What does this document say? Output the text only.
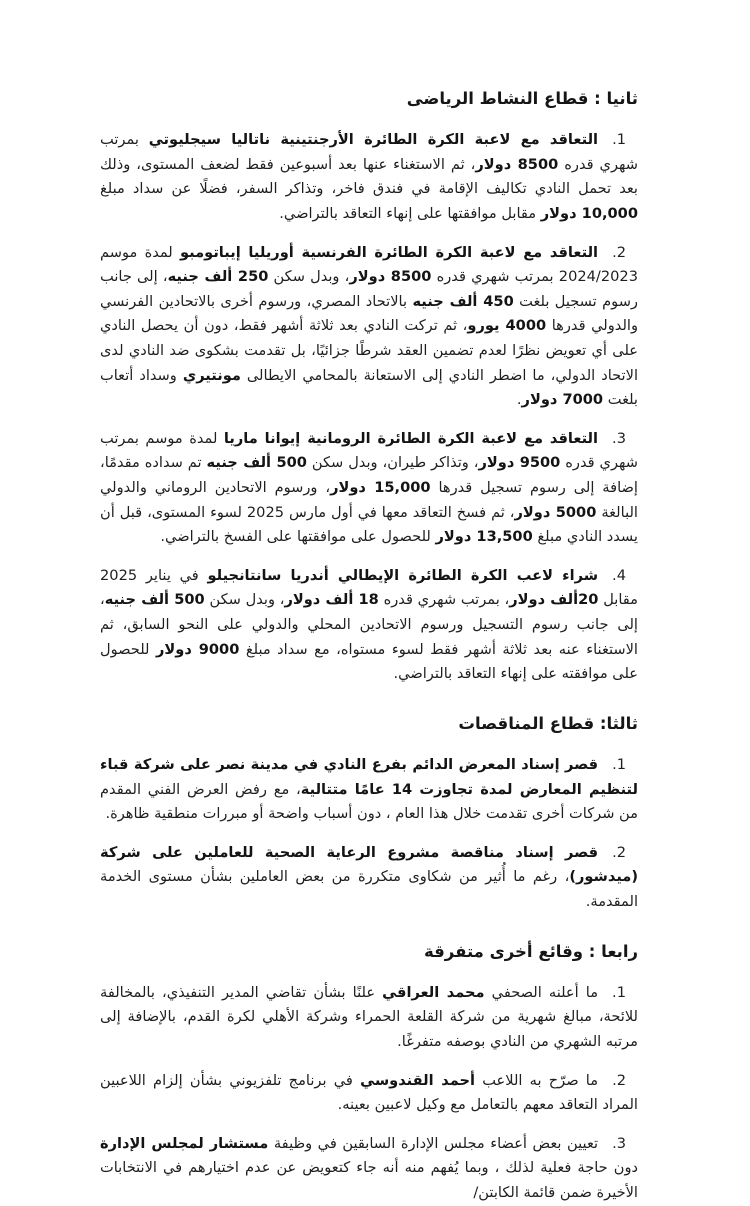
ثانيا : قطاع النشاط الرياضى
1.التعاقد مع لاعبة الكرة الطائرة الأرجنتينية ناتاليا سيجليوتي بمرتب شهري قدره 8500 دولار، ثم الاستغناء عنها بعد أسبوعين فقط لضعف المستوى، وذلك بعد تحمل النادي تكاليف الإقامة في فندق فاخر، وتذاكر السفر، فضلًا عن سداد مبلغ 10,000 دولار مقابل موافقتها على إنهاء التعاقد بالتراضي.
2.التعاقد مع لاعبة الكرة الطائرة الفرنسية أوريليا إيباتومبو لمدة موسم 2024/2023 بمرتب شهري قدره 8500 دولار، وبدل سكن 250 ألف جنيه، إلى جانب رسوم تسجيل بلغت 450 ألف جنيه بالاتحاد المصري، ورسوم أخرى بالاتحادين الفرنسي والدولي قدرها 4000 يورو، ثم تركت النادي بعد ثلاثة أشهر فقط، دون أن يحصل النادي على أي تعويض نظرًا لعدم تضمين العقد شرطًا جزائيًا، بل تقدمت بشكوى ضد النادي لدى الاتحاد الدولي، ما اضطر النادي إلى الاستعانة بالمحامي الايطالى مونتيري وسداد أتعاب بلغت 7000 دولار.
3.التعاقد مع لاعبة الكرة الطائرة الرومانية إيوانا ماريا لمدة موسم بمرتب شهري قدره 9500 دولار، وتذاكر طيران، وبدل سكن 500 ألف جنيه تم سداده مقدمًا، إضافة إلى رسوم تسجيل قدرها 15,000 دولار، ورسوم الاتحادين الروماني والدولي البالغة 5000 دولار، ثم فسخ التعاقد معها في أول مارس 2025 لسوء المستوى، قبل أن يسدد النادي مبلغ 13,500 دولار للحصول على موافقتها على الفسخ بالتراضي.
4.شراء لاعب الكرة الطائرة الإيطالي أندريا سانتانجيلو في يناير 2025 مقابل 20ألف دولار، بمرتب شهري قدره 18 ألف دولار، وبدل سكن 500 ألف جنيه، إلى جانب رسوم التسجيل ورسوم الاتحادين المحلي والدولي على النحو السابق، ثم الاستغناء عنه بعد ثلاثة أشهر فقط لسوء مستواه، مع سداد مبلغ 9000 دولار للحصول على موافقته على إنهاء التعاقد بالتراضي.
ثالثا: قطاع المناقصات
1.قصر إسناد المعرض الدائم بفرع النادي في مدينة نصر على شركة قباء لتنظيم المعارض لمدة تجاوزت 14 عامًا متتالية، مع رفض العرض الفني المقدم من شركات أخرى تقدمت خلال هذا العام ، دون أسباب واضحة أو مبررات منطقية ظاهرة.
2.قصر إسناد مناقصة مشروع الرعاية الصحية للعاملين على شركة (ميدشور)، رغم ما أُثير من شكاوى متكررة من بعض العاملين بشأن مستوى الخدمة المقدمة.
رابعا : وقائع أخرى متفرقة
1.ما أعلنه الصحفي محمد العراقي علنًا بشأن تقاضي المدير التنفيذي، بالمخالفة للائحة، مبالغ شهرية من شركة القلعة الحمراء وشركة الأهلي لكرة القدم، بالإضافة إلى مرتبه الشهري من النادي بوصفه متفرغًا.
2.ما صرّح به اللاعب أحمد القندوسي في برنامج تلفزيوني بشأن إلزام اللاعبين المراد التعاقد معهم بالتعامل مع وكيل لاعبين بعينه.
3.تعيين بعض أعضاء مجلس الإدارة السابقين في وظيفة مستشار لمجلس الإدارة دون حاجة فعلية لذلك ، وبما يُفهم منه أنه جاء كتعويض عن عدم اختيارهم في الانتخابات الأخيرة ضمن قائمة الكابتن/
